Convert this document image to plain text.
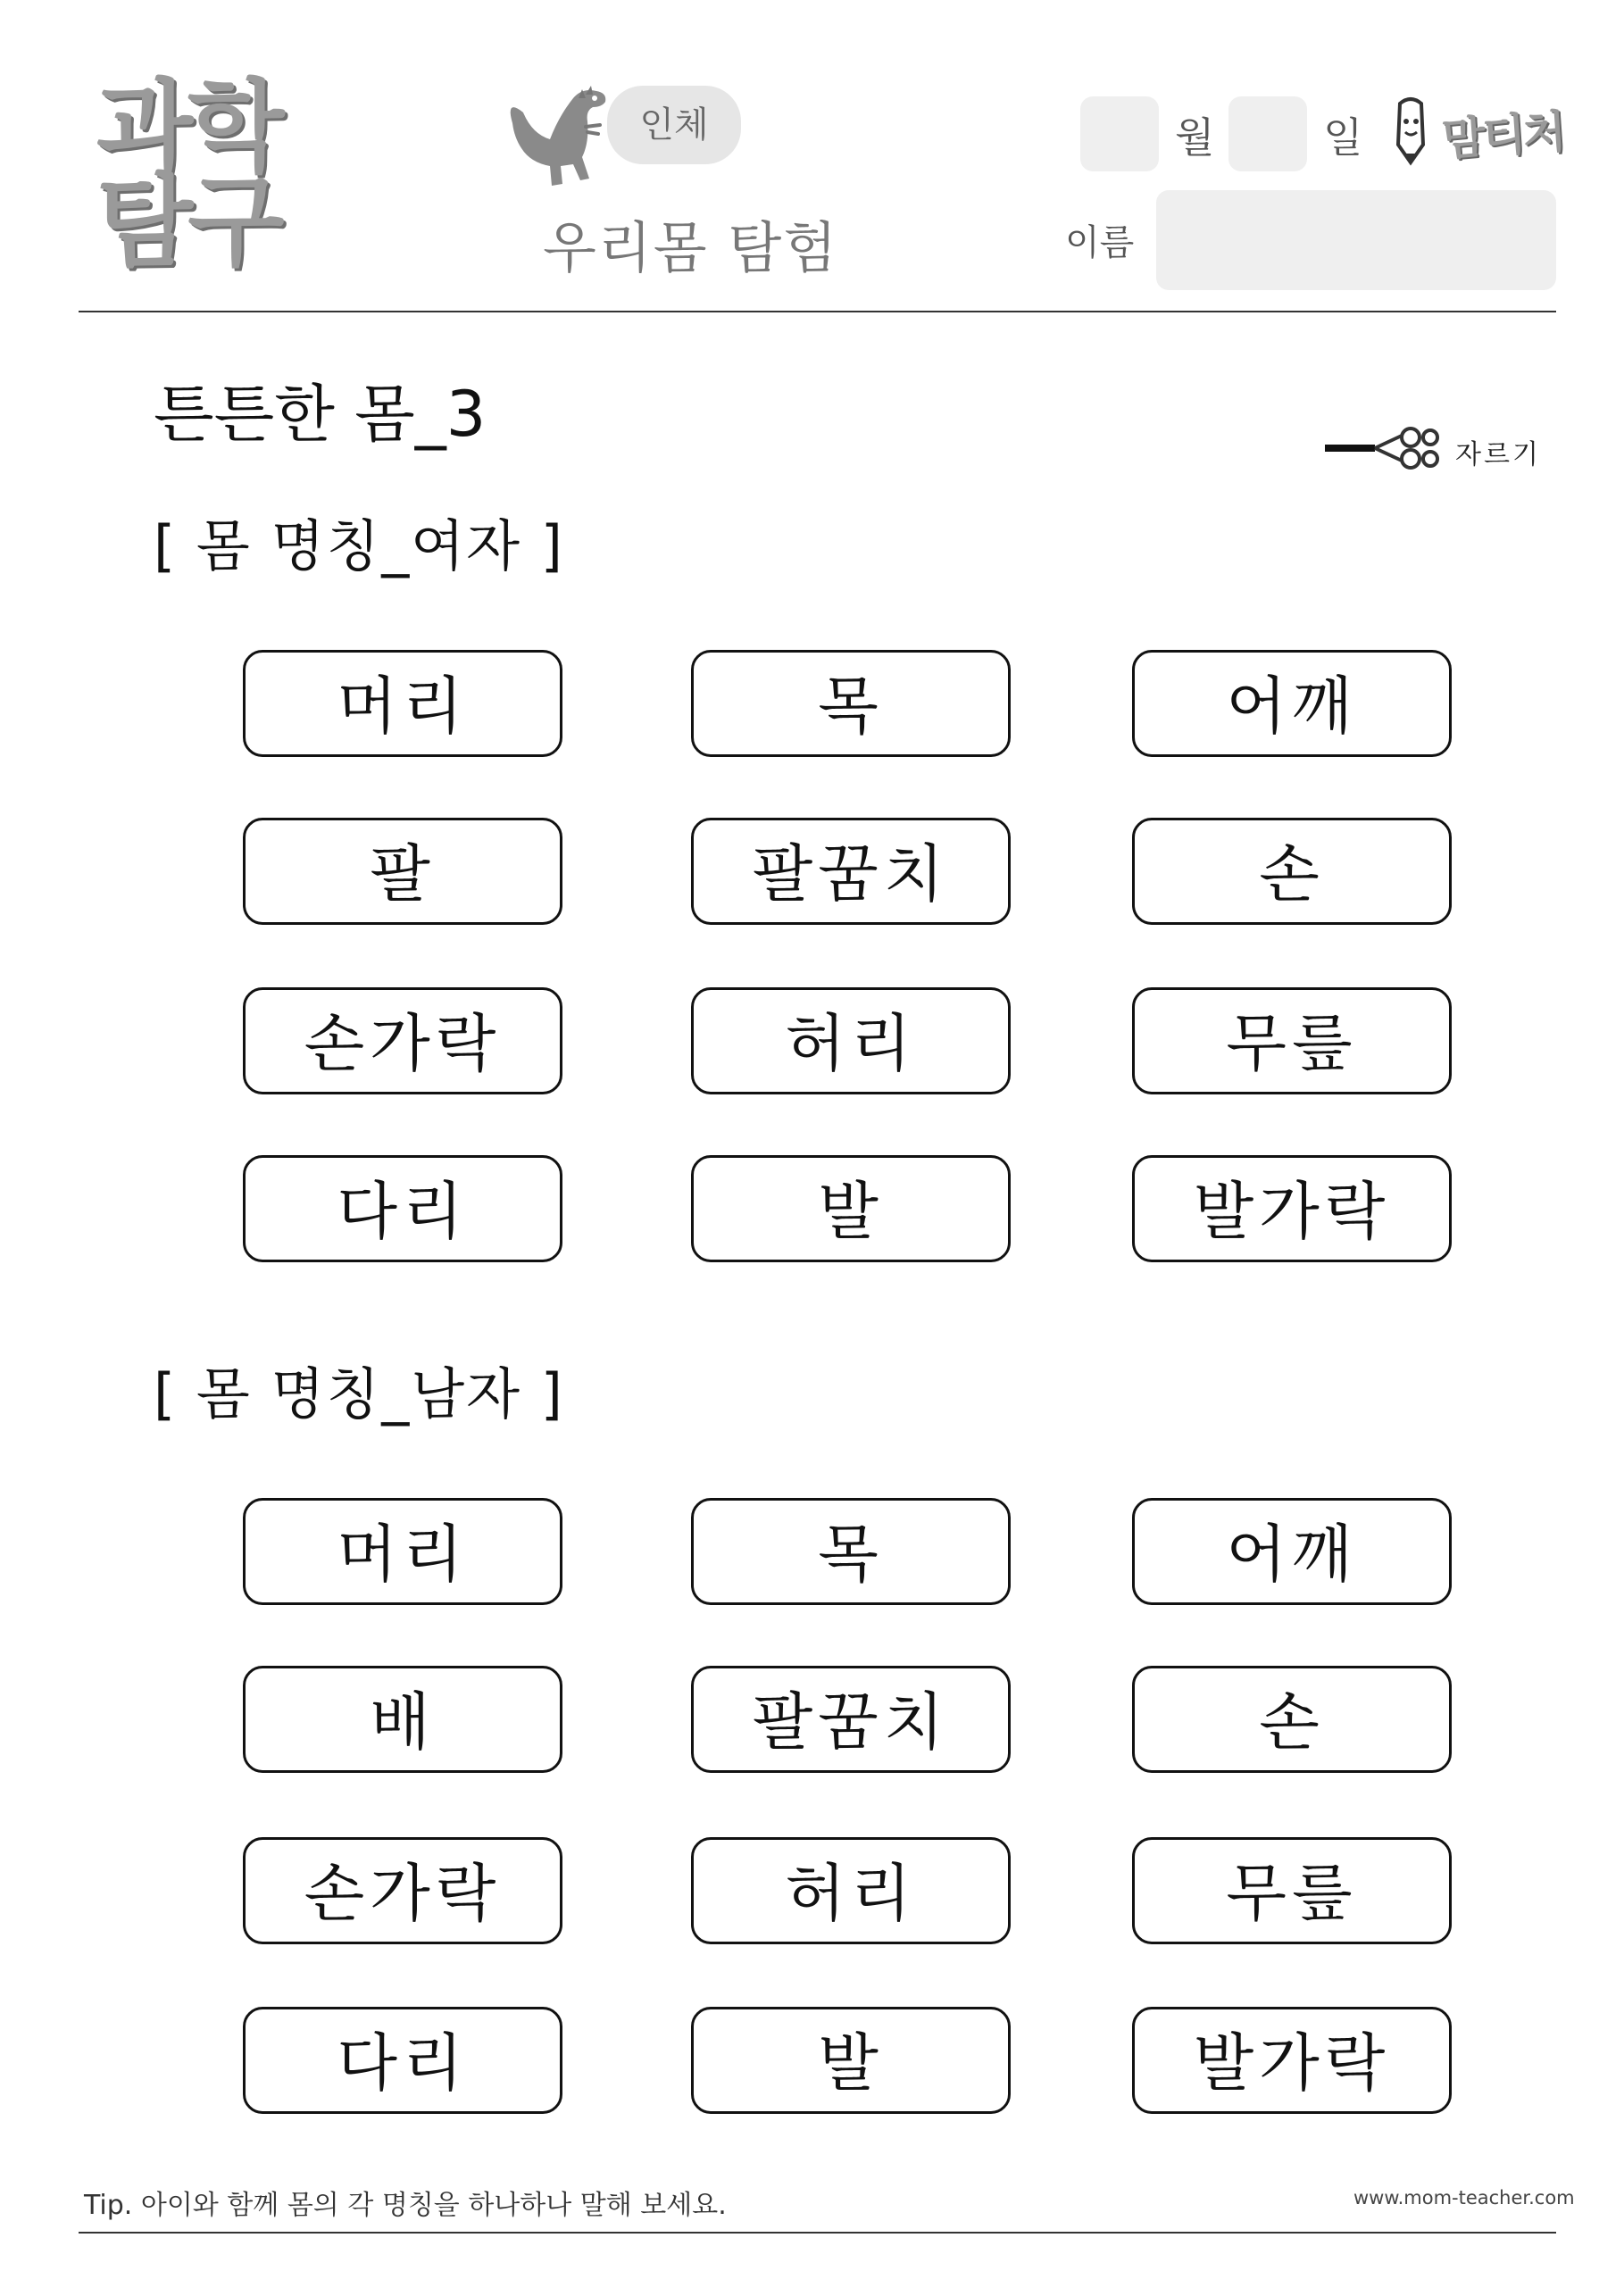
과학
탐구
인체
우리몸 탐험
월	일 맘티처
이름
튼튼한 몸_3
자르기
[ 몸 명칭_여자 ]
머리	목	어깨
팔	팔꿈치	손
손가락	허리	무릎
다리	발	발가락
[ 몸 명칭_남자 ]
머리	목	어깨
배	팔꿈치	손
손가락	허리	무릎
다리	발	발가락
Tip. 아이와 함께 몸의 각 명칭을 하나하나 말해 보세요.	www.mom-teacher.com
